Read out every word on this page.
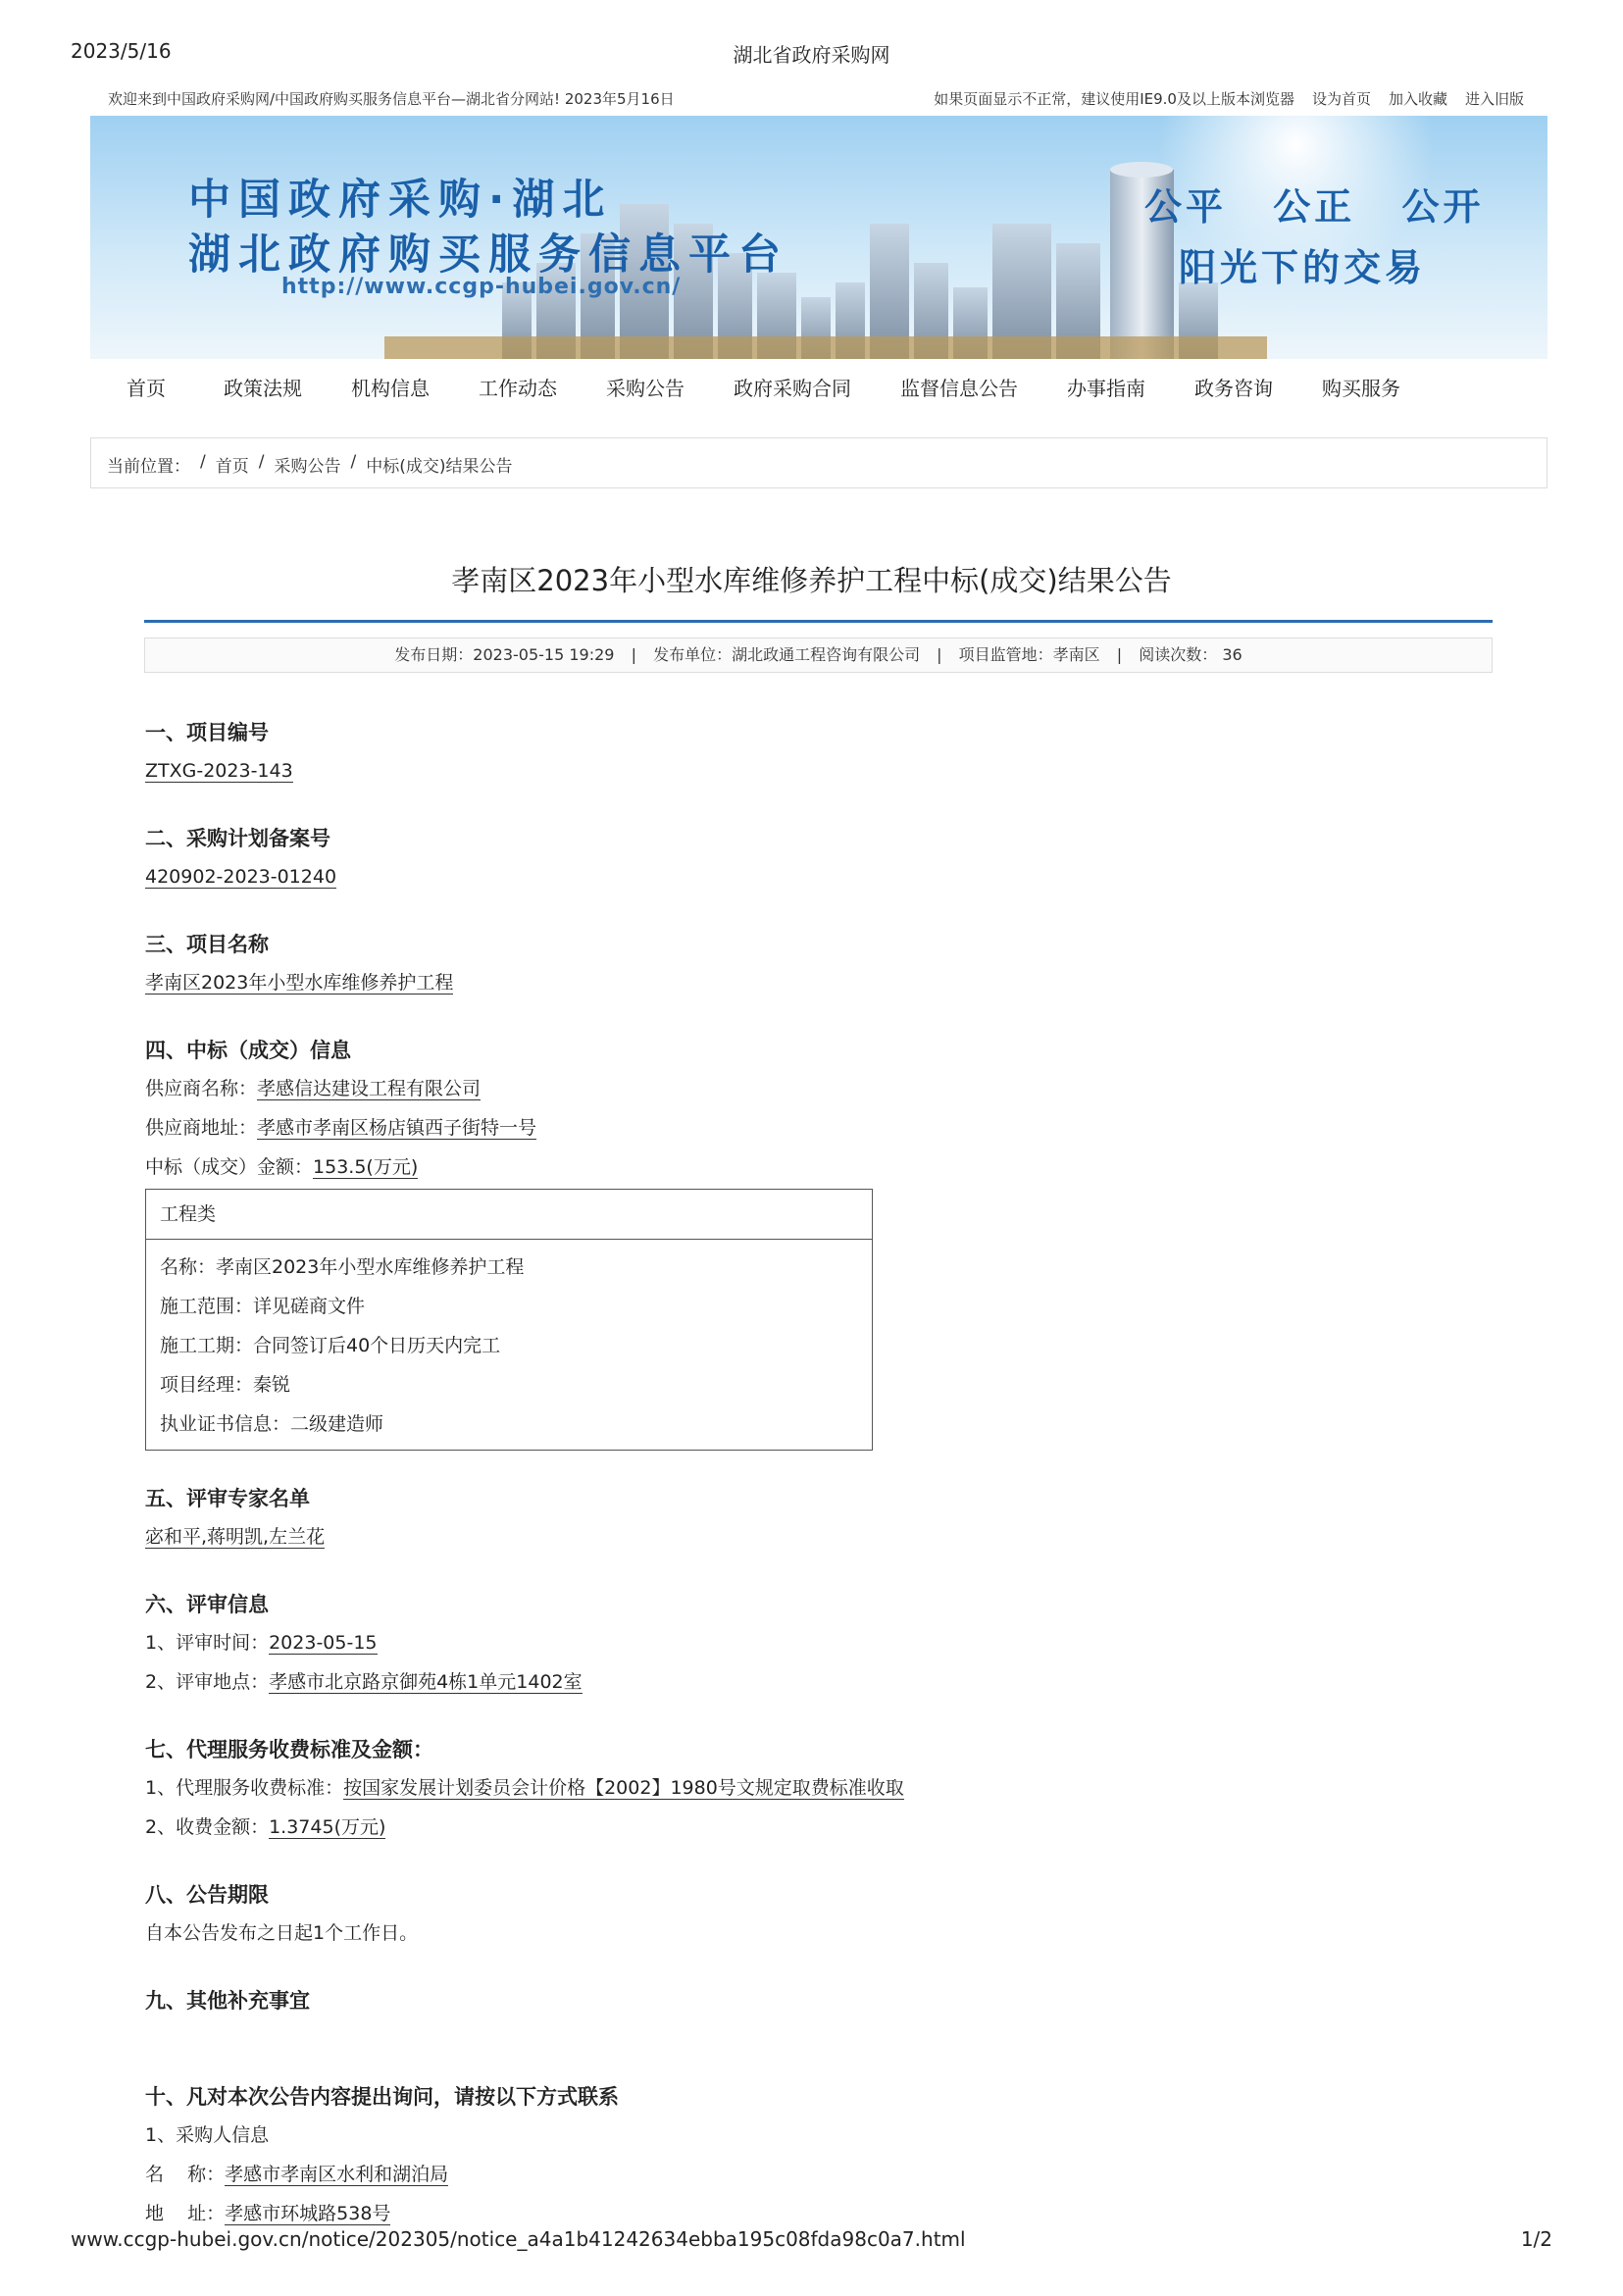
2023/5/16	湖北省政府采购网
欢迎来到中国政府采购网/中国政府购买服务信息平台—湖北省分网站! 2023年5月16日	如果页面显示不正常，建议使用IE9.0及以上版本浏览器 设为首页 加入收藏 进入旧版
中国政府采购·湖北
湖北政府购买服务信息平台
http://www.ccgp-hubei.gov.cn/
公平 公正 公开
阳光下的交易
首页	政策法规	机构信息	工作动态	采购公告	政府采购合同	监督信息公告	办事指南	政务咨询	购买服务
当前位置： / 首页 / 采购公告 / 中标(成交)结果公告
孝南区2023年小型水库维修养护工程中标(成交)结果公告
发布日期：2023-05-15 19:29 | 发布单位：湖北政通工程咨询有限公司 | 项目监管地：孝南区 | 阅读次数： 36
一、项目编号
ZTXG-2023-143
二、采购计划备案号
420902-2023-01240
三、项目名称
孝南区2023年小型水库维修养护工程
四、中标（成交）信息
供应商名称：孝感信达建设工程有限公司
供应商地址：孝感市孝南区杨店镇西子街特一号
中标（成交）金额：153.5(万元)
工程类
名称：孝南区2023年小型水库维修养护工程
施工范围：详见磋商文件
施工工期：合同签订后40个日历天内完工
项目经理：秦锐
执业证书信息：二级建造师
五、评审专家名单
宓和平,蒋明凯,左兰花
六、评审信息
1、评审时间：2023-05-15
2、评审地点：孝感市北京路京御苑4栋1单元1402室
七、代理服务收费标准及金额：
1、代理服务收费标准：按国家发展计划委员会计价格【2002】1980号文规定取费标准收取
2、收费金额：1.3745(万元)
八、公告期限
自本公告发布之日起1个工作日。
九、其他补充事宜
十、凡对本次公告内容提出询问，请按以下方式联系
1、采购人信息
名    称：孝感市孝南区水利和湖泊局
地    址：孝感市环城路538号
www.ccgp-hubei.gov.cn/notice/202305/notice_a4a1b41242634ebba195c08fda98c0a7.html	1/2
